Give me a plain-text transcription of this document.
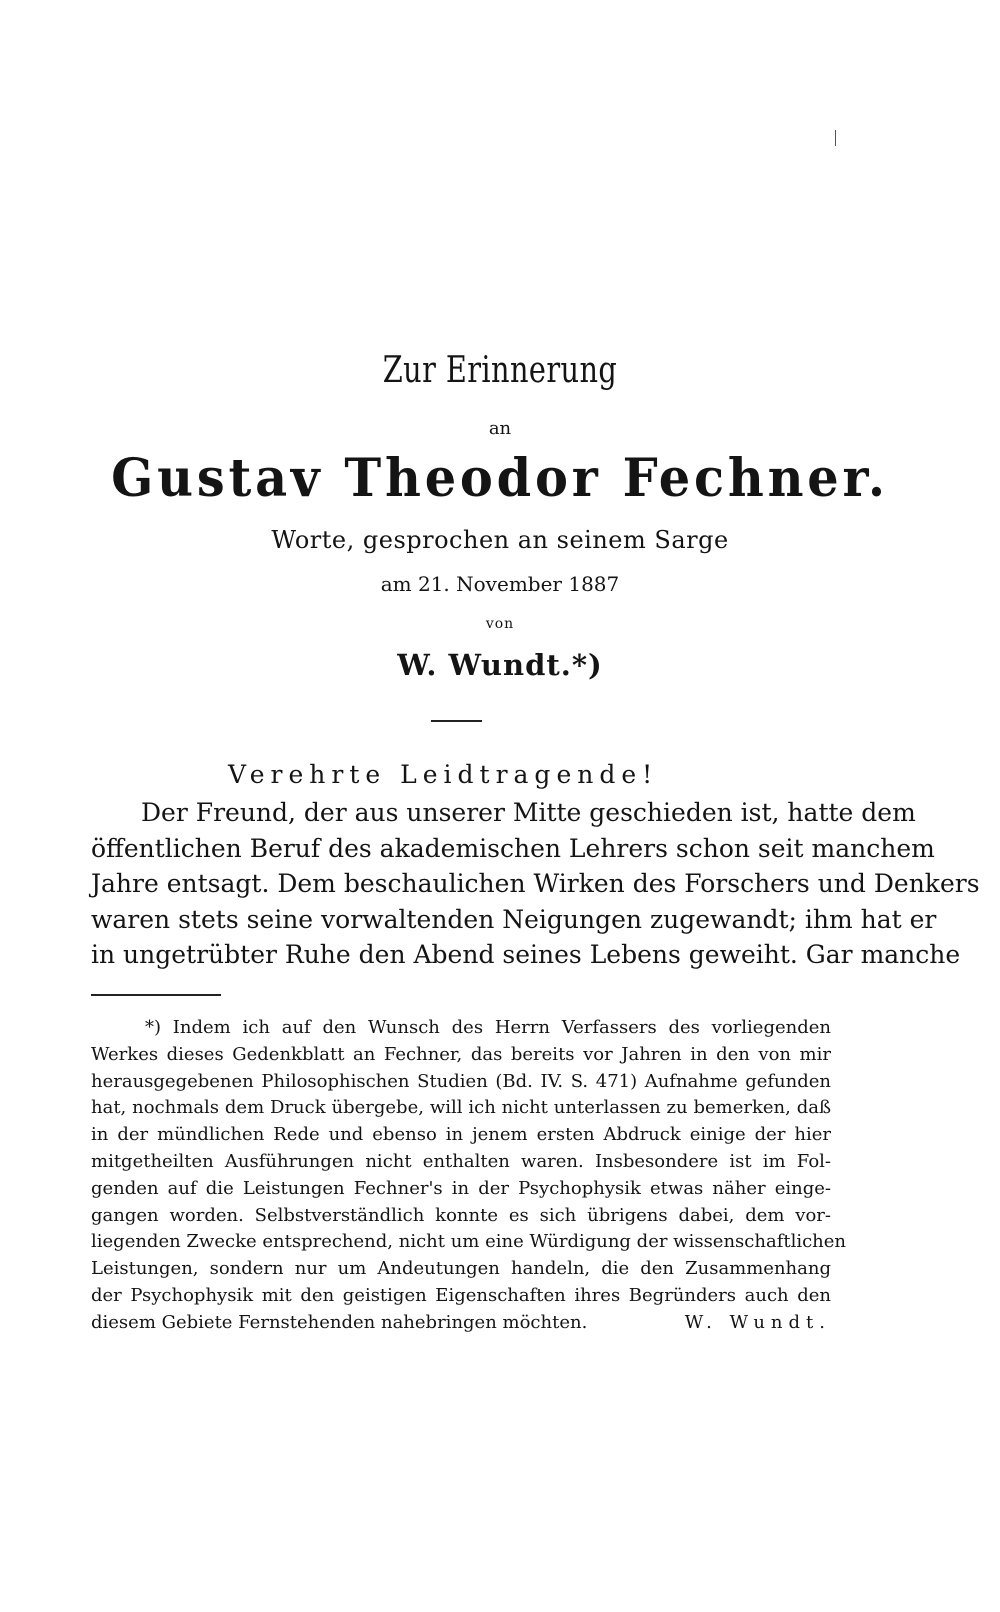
Zur Erinnerung
an
Gustav Theodor Fechner.
Worte, gesprochen an seinem Sarge
am 21. November 1887
von
W. Wundt.*)
Verehrte Leidtragende!
Der Freund, der aus unserer Mitte geschieden ist, hatte dem
öffentlichen Beruf des akademischen Lehrers schon seit manchem
Jahre entsagt. Dem beschaulichen Wirken des Forschers und Denkers
waren stets seine vorwaltenden Neigungen zugewandt; ihm hat er
in ungetrübter Ruhe den Abend seines Lebens geweiht. Gar manche
*) Indem ich auf den Wunsch des Herrn Verfassers des vorliegenden
Werkes dieses Gedenkblatt an Fechner, das bereits vor Jahren in den von mir
herausgegebenen Philosophischen Studien (Bd. IV. S. 471) Aufnahme gefunden
hat, nochmals dem Druck übergebe, will ich nicht unterlassen zu bemerken, daß
in der mündlichen Rede und ebenso in jenem ersten Abdruck einige der hier
mitgetheilten Ausführungen nicht enthalten waren. Insbesondere ist im Fol-
genden auf die Leistungen Fechner's in der Psychophysik etwas näher einge-
gangen worden. Selbstverständlich konnte es sich übrigens dabei, dem vor-
liegenden Zwecke entsprechend, nicht um eine Würdigung der wissenschaftlichen
Leistungen, sondern nur um Andeutungen handeln, die den Zusammenhang
der Psychophysik mit den geistigen Eigenschaften ihres Begründers auch den
diesem Gebiete Fernstehenden nahebringen möchten.	W. Wundt.
